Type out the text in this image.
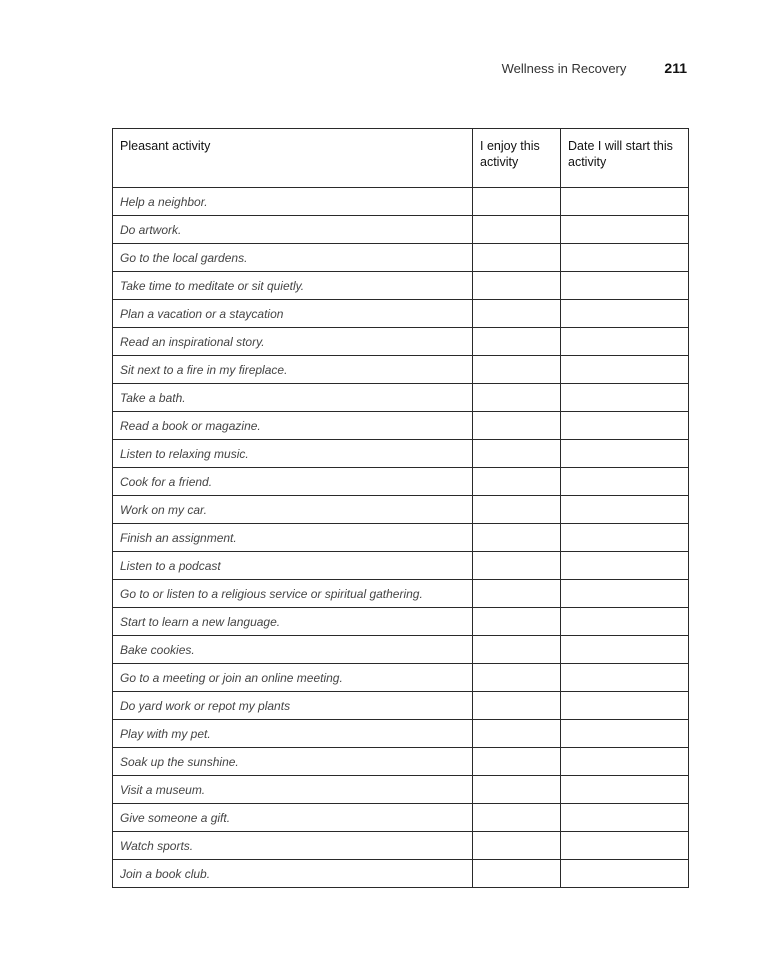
Wellness in Recovery	211
Pleasant activity	I enjoy this activity	Date I will start this activity
Help a neighbor.		
Do artwork.		
Go to the local gardens.		
Take time to meditate or sit quietly.		
Plan a vacation or a staycation		
Read an inspirational story.		
Sit next to a fire in my fireplace.		
Take a bath.		
Read a book or magazine.		
Listen to relaxing music.		
Cook for a friend.		
Work on my car.		
Finish an assignment.		
Listen to a podcast		
Go to or listen to a religious service or spiritual gathering.		
Start to learn a new language.		
Bake cookies.		
Go to a meeting or join an online meeting.		
Do yard work or repot my plants		
Play with my pet.		
Soak up the sunshine.		
Visit a museum.		
Give someone a gift.		
Watch sports.		
Join a book club.		
